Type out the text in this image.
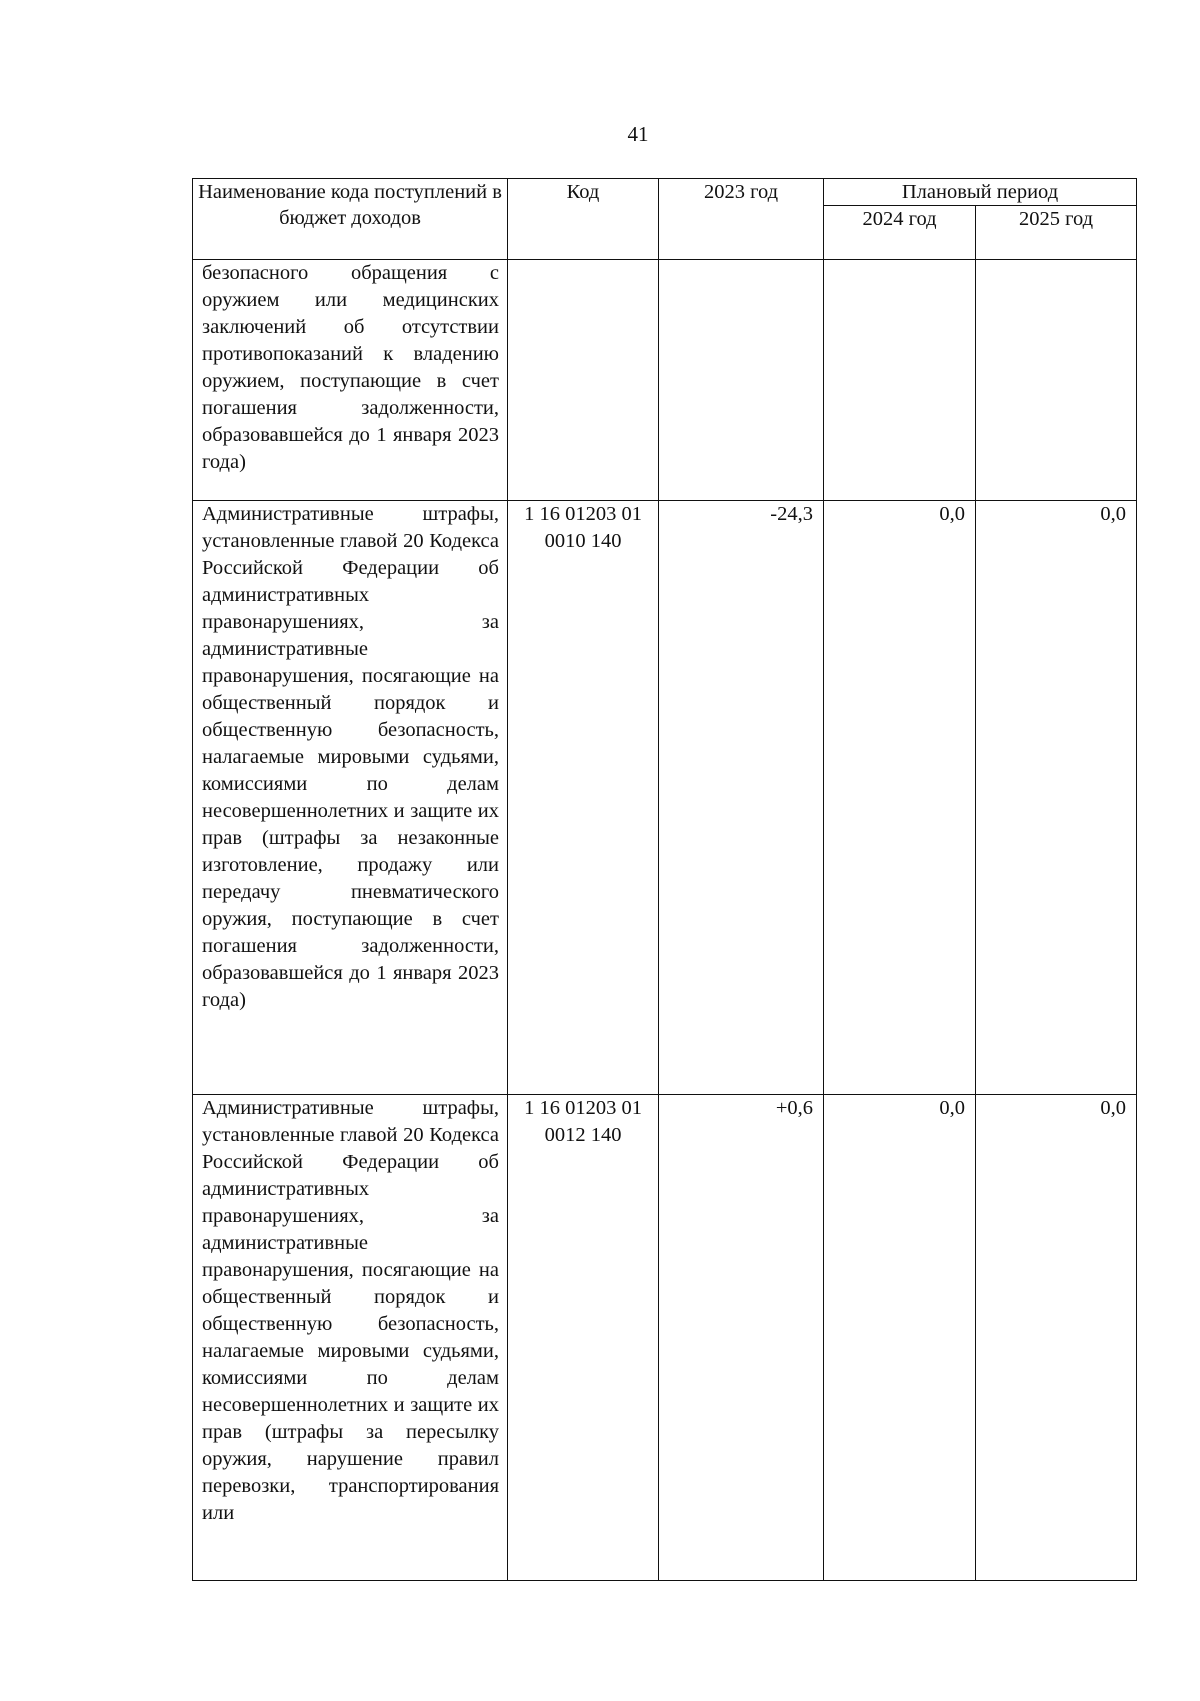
41
Наименование кода поступлений в бюджет доходов	Код	2023 год	Плановый период	
			2024 год	2025 год

безопасного обращения с оружием или медицинских заключений об отсутствии противопоказаний к владению оружием, поступающие в счет погашения задолженности, образовавшейся до 1 января 2023 года)				

Административные штрафы, установленные главой 20 Кодекса Российской Федерации об административных правонарушениях, за административные правонарушения, посягающие на общественный порядок и общественную безопасность, налагаемые мировыми судьями, комиссиями по делам несовершеннолетних и защите их прав (штрафы за незаконные изготовление, продажу или передачу пневматического оружия, поступающие в счет погашения задолженности, образовавшейся до 1 января 2023 года)	1 16 01203 01 0010 140	-24,3	0,0	0,0

Административные штрафы, установленные главой 20 Кодекса Российской Федерации об административных правонарушениях, за административные правонарушения, посягающие на общественный порядок и общественную безопасность, налагаемые мировыми судьями, комиссиями по делам несовершеннолетних и защите их прав (штрафы за пересылку оружия, нарушение правил перевозки, транспортирования или	1 16 01203 01 0012 140	+0,6	0,0	0,0
